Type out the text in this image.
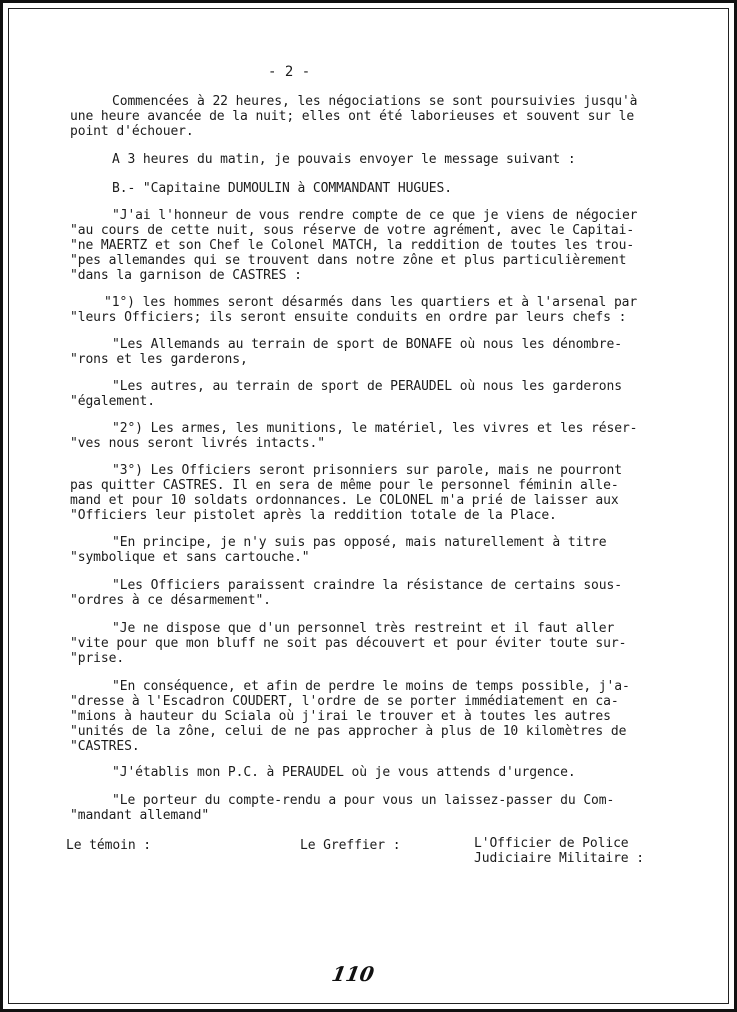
- 2 -
Commencées à 22 heures, les négociations se sont poursuivies jusqu'à
une heure avancée de la nuit; elles ont été laborieuses et souvent sur le
point d'échouer.
A 3 heures du matin, je pouvais envoyer le message suivant :
B.- "Capitaine DUMOULIN à COMMANDANT HUGUES.
"J'ai l'honneur de vous rendre compte de ce que je viens de négocier
"au cours de cette nuit, sous réserve de votre agrément, avec le Capitai-
"ne MAERTZ et son Chef le Colonel MATCH, la reddition de toutes les trou-
"pes allemandes qui se trouvent dans notre zône et plus particulièrement
"dans la garnison de CASTRES :
"1°) les hommes seront désarmés dans les quartiers et à l'arsenal par
"leurs Officiers; ils seront ensuite conduits en ordre par leurs chefs :
"Les Allemands au terrain de sport de BONAFE où nous les dénombre-
"rons et les garderons,
"Les autres, au terrain de sport de PERAUDEL où nous les garderons
"également.
"2°) Les armes, les munitions, le matériel, les vivres et les réser-
"ves nous seront livrés intacts."
"3°) Les Officiers seront prisonniers sur parole, mais ne pourront
pas quitter CASTRES. Il en sera de même pour le personnel féminin alle-
mand et pour 10 soldats ordonnances. Le COLONEL m'a prié de laisser aux
"Officiers leur pistolet après la reddition totale de la Place.
"En principe, je n'y suis pas opposé, mais naturellement à titre
"symbolique et sans cartouche."
"Les Officiers paraissent craindre la résistance de certains sous-
"ordres à ce désarmement".
"Je ne dispose que d'un personnel très restreint et il faut aller
"vite pour que mon bluff ne soit pas découvert et pour éviter toute sur-
"prise.
"En conséquence, et afin de perdre le moins de temps possible, j'a-
"dresse à l'Escadron COUDERT, l'ordre de se porter immédiatement en ca-
"mions à hauteur du Sciala où j'irai le trouver et à toutes les autres
"unités de la zône, celui de ne pas approcher à plus de 10 kilomètres de
"CASTRES.
"J'établis mon P.C. à PERAUDEL où je vous attends d'urgence.
"Le porteur du compte-rendu a pour vous un laissez-passer du Com-
"mandant allemand"
Le témoin :	Le Greffier :	L'Officier de Police
Judiciaire Militaire :
110
